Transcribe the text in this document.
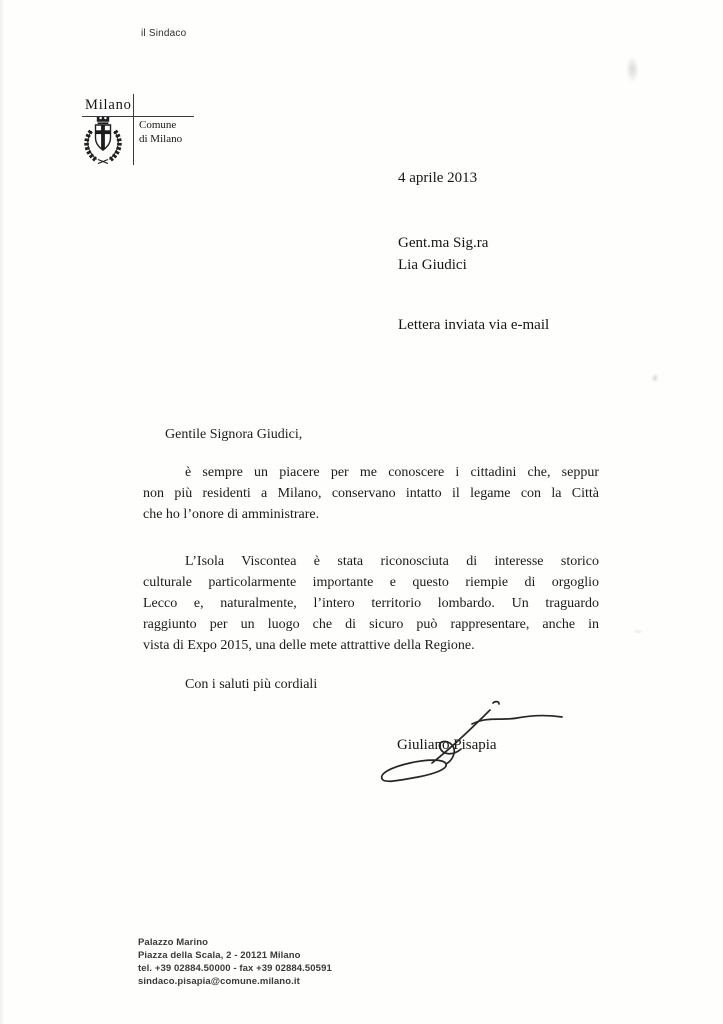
il Sindaco
Milano
Comune
di Milano
4 aprile 2013
Gent.ma Sig.ra
Lia Giudici
Lettera inviata via e-mail
Gentile Signora Giudici,
è sempre un piacere per me conoscere i cittadini che, seppur
non più residenti a Milano, conservano intatto il legame con la Città
che ho l’onore di amministrare.
L’Isola Viscontea è stata riconosciuta di interesse storico
culturale particolarmente importante e questo riempie di orgoglio
Lecco e, naturalmente, l’intero territorio lombardo. Un traguardo
raggiunto per un luogo che di sicuro può rappresentare, anche in
vista di Expo 2015, una delle mete attrattive della Regione.
Con i saluti più cordiali
Giuliano Pisapia
Palazzo Marino
Piazza della Scala, 2 - 20121 Milano
tel. +39 02884.50000 - fax +39 02884.50591
sindaco.pisapia@comune.milano.it
